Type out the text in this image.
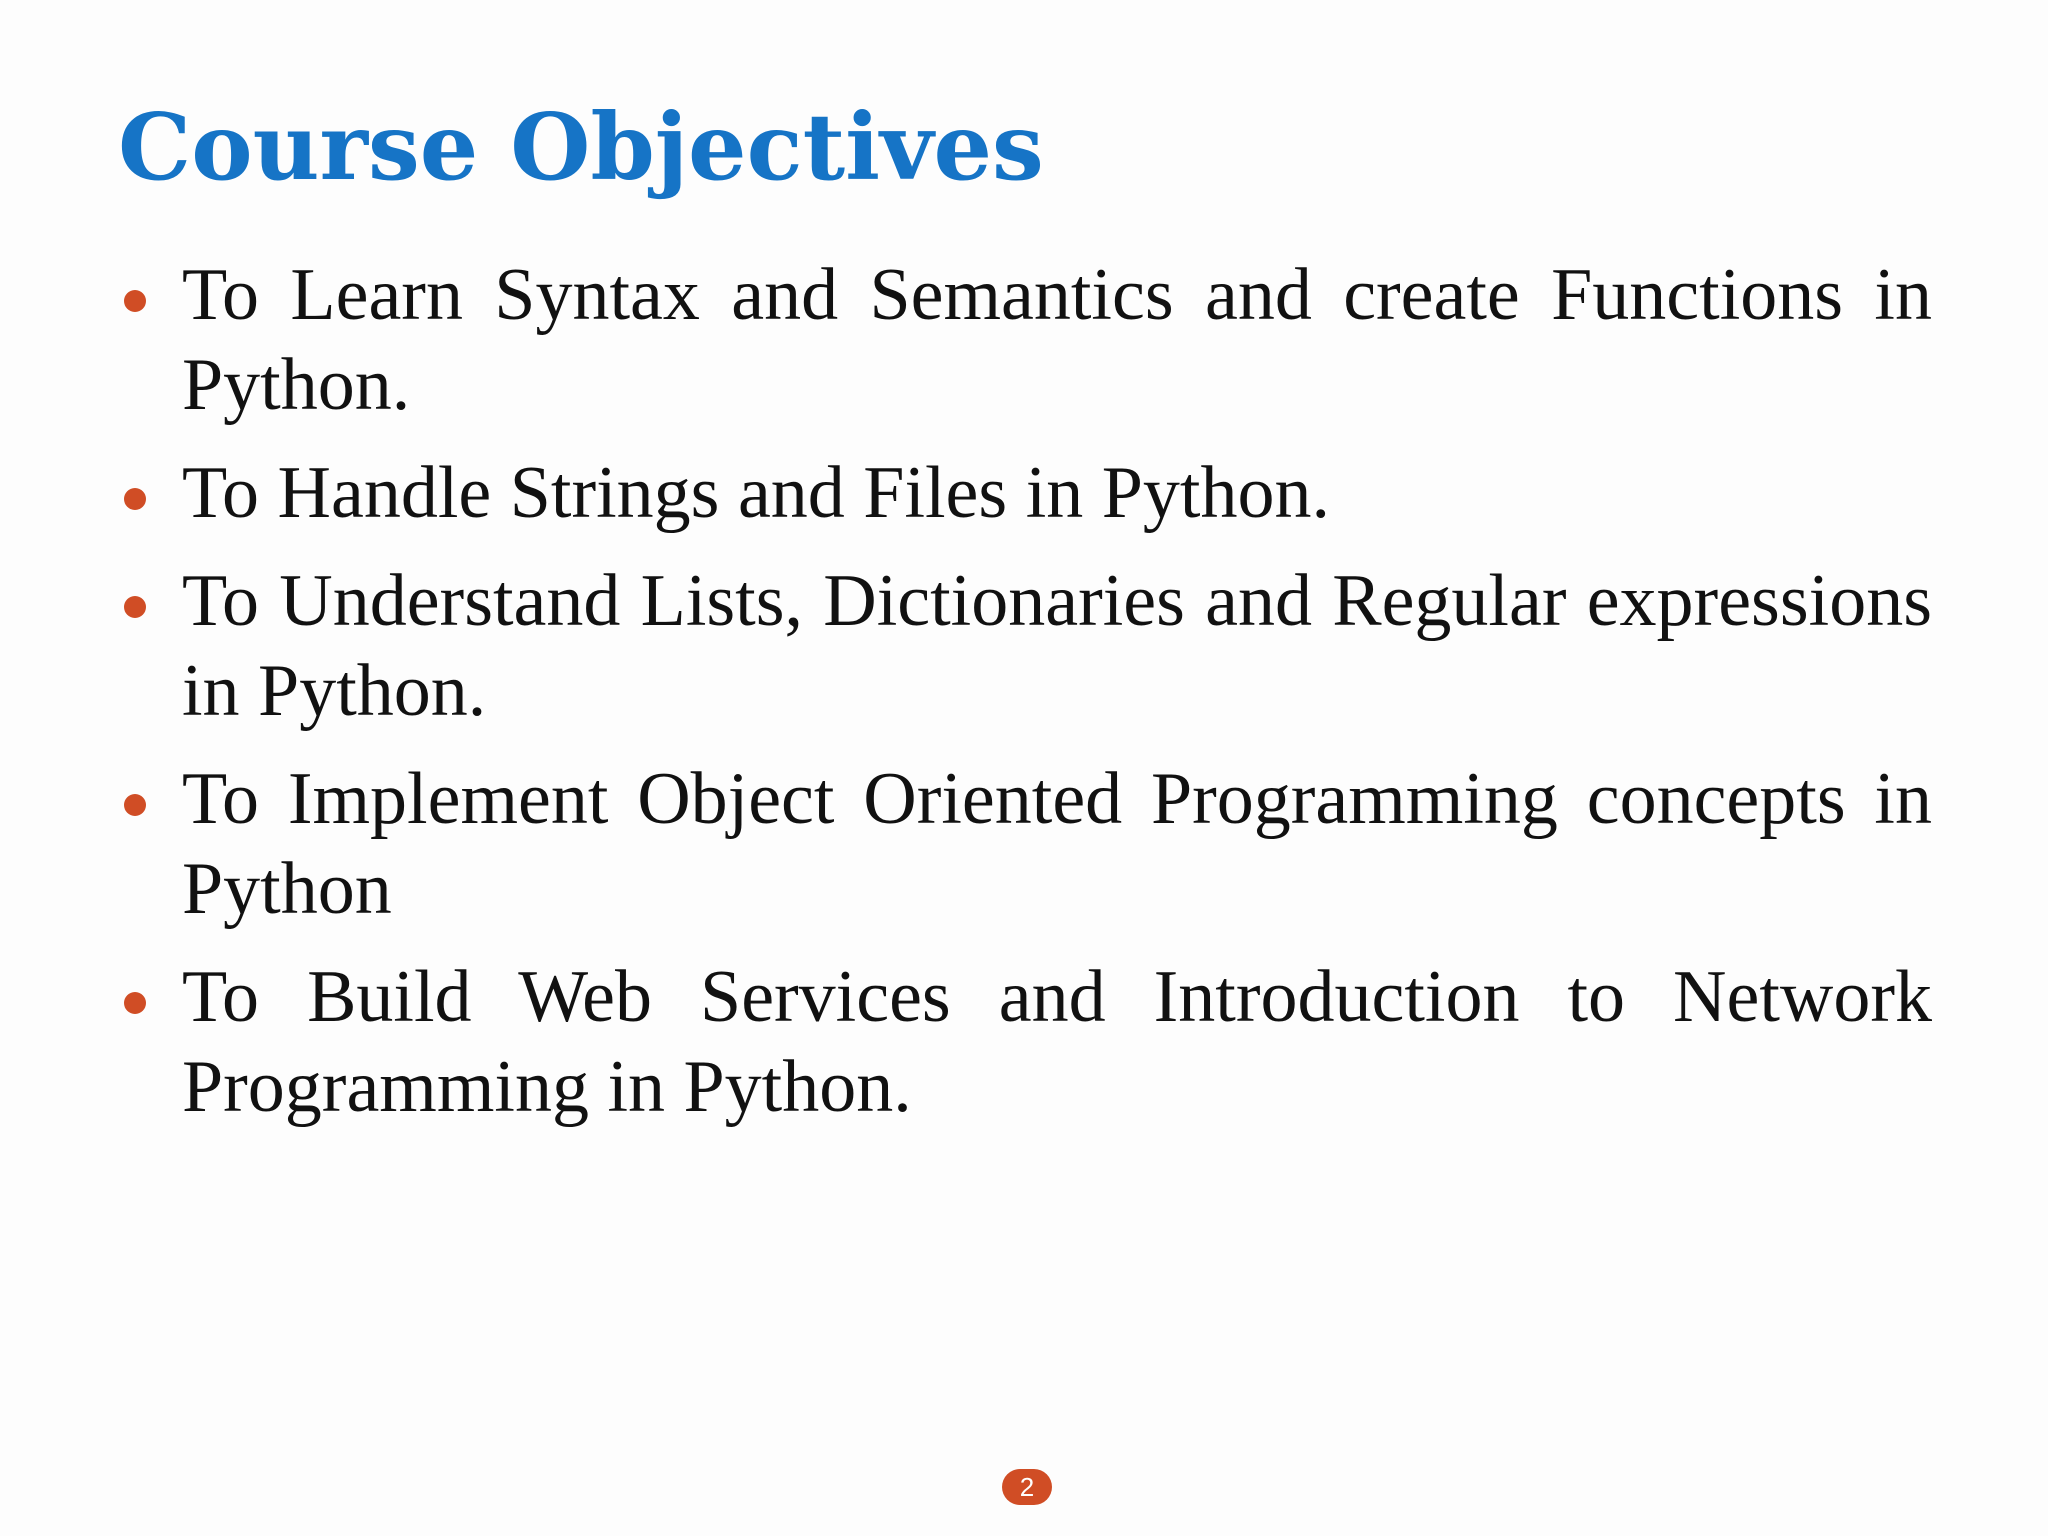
Course Objectives
To Learn Syntax and Semantics and create Functions in Python.
To Handle Strings and Files in Python.
To Understand Lists, Dictionaries and Regular expressions in Python.
To Implement Object Oriented Programming concepts in Python
To Build Web Services and Introduction to Network Programming in Python.
2
